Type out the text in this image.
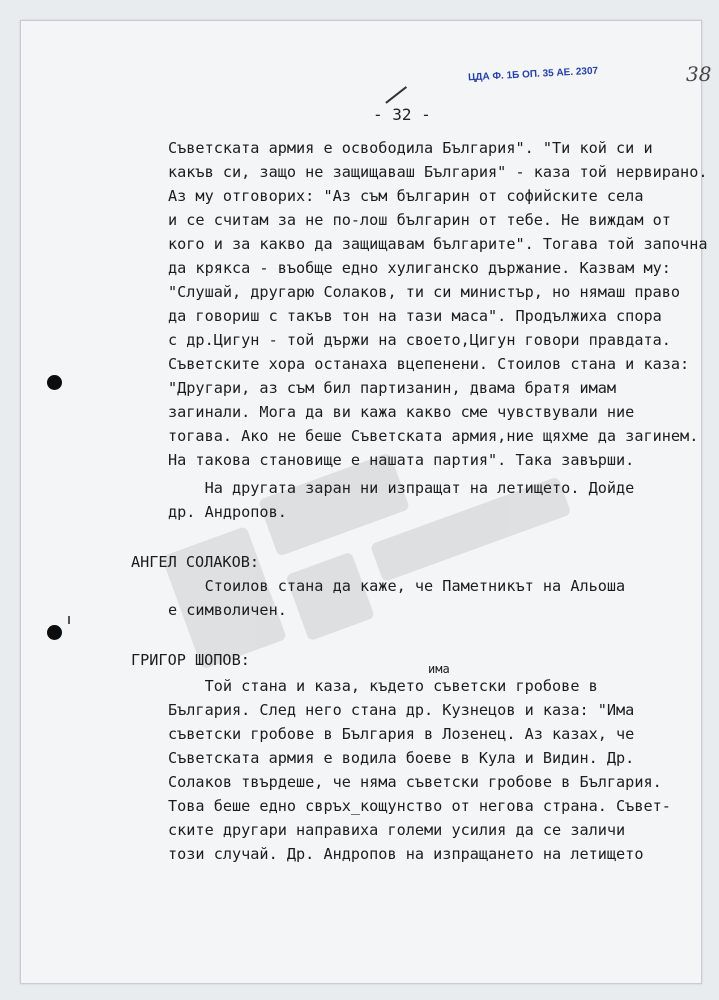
ЦДА Ф. 1Б ОП. 35 АЕ. 2307	38
- 32 -
Съветската армия е освободила България". "Ти кой си и
какъв си, защо не защищаваш България" - каза той нервирано.
Аз му отговорих: "Аз съм българин от софийските села
и се считам за не по-лош българин от тебе. Не виждам от
кого и за какво да защищавам българите". Тогава той започна
да крякса - въобще едно хулиганско държание. Казвам му:
"Слушай, другарю Солаков, ти си министър, но нямаш право
да говориш с такъв тон на тази маса". Продължихa спора
с др.Цигун - той държи на своето,Цигун говори правдата.
Съветските хора останаха вцепенени. Стоилов стана и каза:
"Другари, аз съм бил партизанин, двама братя имам
загинали. Мога да ви кажа какво сме чувствували ние
тогава. Ако не беше Съветската армия,ние щяхме да загинем.
На такова становище е нашата партия". Така завърши.
На другата заран ни изпращат на летището. Дойде
др. Андропов.
АНГЕЛ СОЛАКОВ:
Стоилов стана да каже, че Паметникът на Альоша
е символичен.
ГРИГОР ШОПОВ:
Той стана и каза, където съветски гробове в
България. След него стана др. Кузнецов и каза: "Има
съветски гробове в България в Лозенец. Аз казах, че
Съветската армия е водила боеве в Кула и Видин. Др.
Солаков твърдеше, че няма съветски гробове в България.
Това беше едно свръх_кощунство от негова страна. Съвет-
ските другари направиха големи усилия да се заличи
този случай. Др. Андропов на изпращането на летището
има
